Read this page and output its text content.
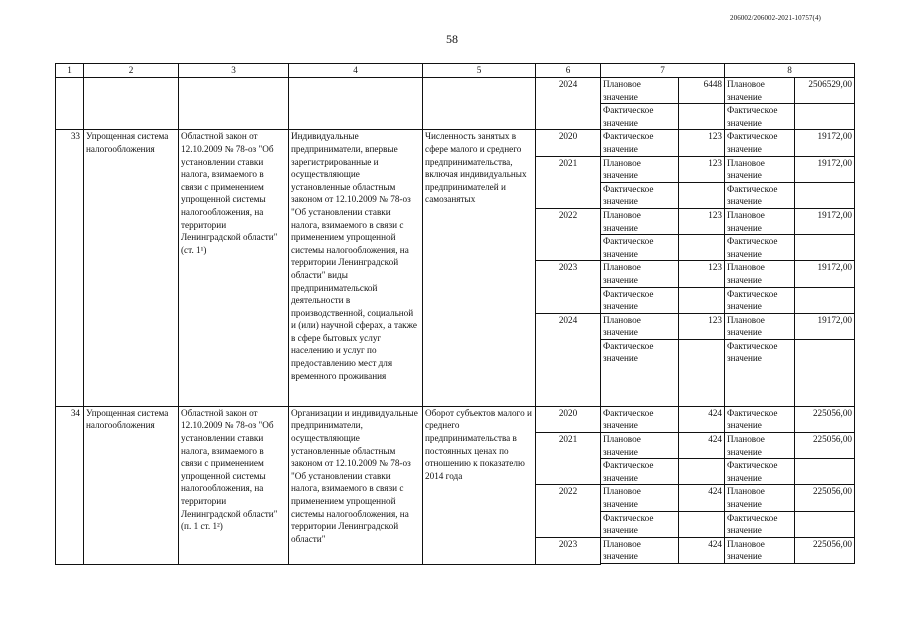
206002/206002-2021-10757(4)
58
1	2	3	4	5	6	7		8	
					2024	Плановое значение	6448	Плановое значение	2506529,00
						Фактическое значение		Фактическое значение	
33	Упрощенная система налогообложения	Областной закон от 12.10.2009 № 78-оз "Об установлении ставки налога, взимаемого в связи с применением упрощенной системы налогообложения, на территории Ленинградской области" (ст. 1¹)	Индивидуальные предприниматели, впервые зарегистрированные и осуществляющие установленные областным законом от 12.10.2009 № 78-оз "Об установлении ставки налога, взимаемого в связи с применением упрощенной системы налогообложения, на территории Ленинградской области" виды предпринимательской деятельности в производственной, социальной и (или) научной сферах, а также в сфере бытовых услуг населению и услуг по предоставлению мест для временного проживания	Численность занятых в сфере малого и среднего предпринимательства, включая индивидуальных предпринимателей и самозанятых	2020	Фактическое значение	123	Фактическое значение	19172,00
					2021	Плановое значение	123	Плановое значение	19172,00
						Фактическое значение		Фактическое значение	
					2022	Плановое значение	123	Плановое значение	19172,00
						Фактическое значение		Фактическое значение	
					2023	Плановое значение	123	Плановое значение	19172,00
						Фактическое значение		Фактическое значение	
					2024	Плановое значение	123	Плановое значение	19172,00
						Фактическое значение		Фактическое значение	
34	Упрощенная система налогообложения	Областной закон от 12.10.2009 № 78-оз "Об установлении ставки налога, взимаемого в связи с применением упрощенной системы налогообложения, на территории Ленинградской области" (п. 1 ст. 1²)	Организации и индивидуальные предприниматели, осуществляющие установленные областным законом от 12.10.2009 № 78-оз "Об установлении ставки налога, взимаемого в связи с применением упрощенной системы налогообложения, на территории Ленинградской области"	Оборот субъектов малого и среднего предпринимательства в постоянных ценах по отношению к показателю 2014 года	2020	Фактическое значение	424	Фактическое значение	225056,00
					2021	Плановое значение	424	Плановое значение	225056,00
						Фактическое значение		Фактическое значение	
					2022	Плановое значение	424	Плановое значение	225056,00
						Фактическое значение		Фактическое значение	
					2023	Плановое значение	424	Плановое значение	225056,00
